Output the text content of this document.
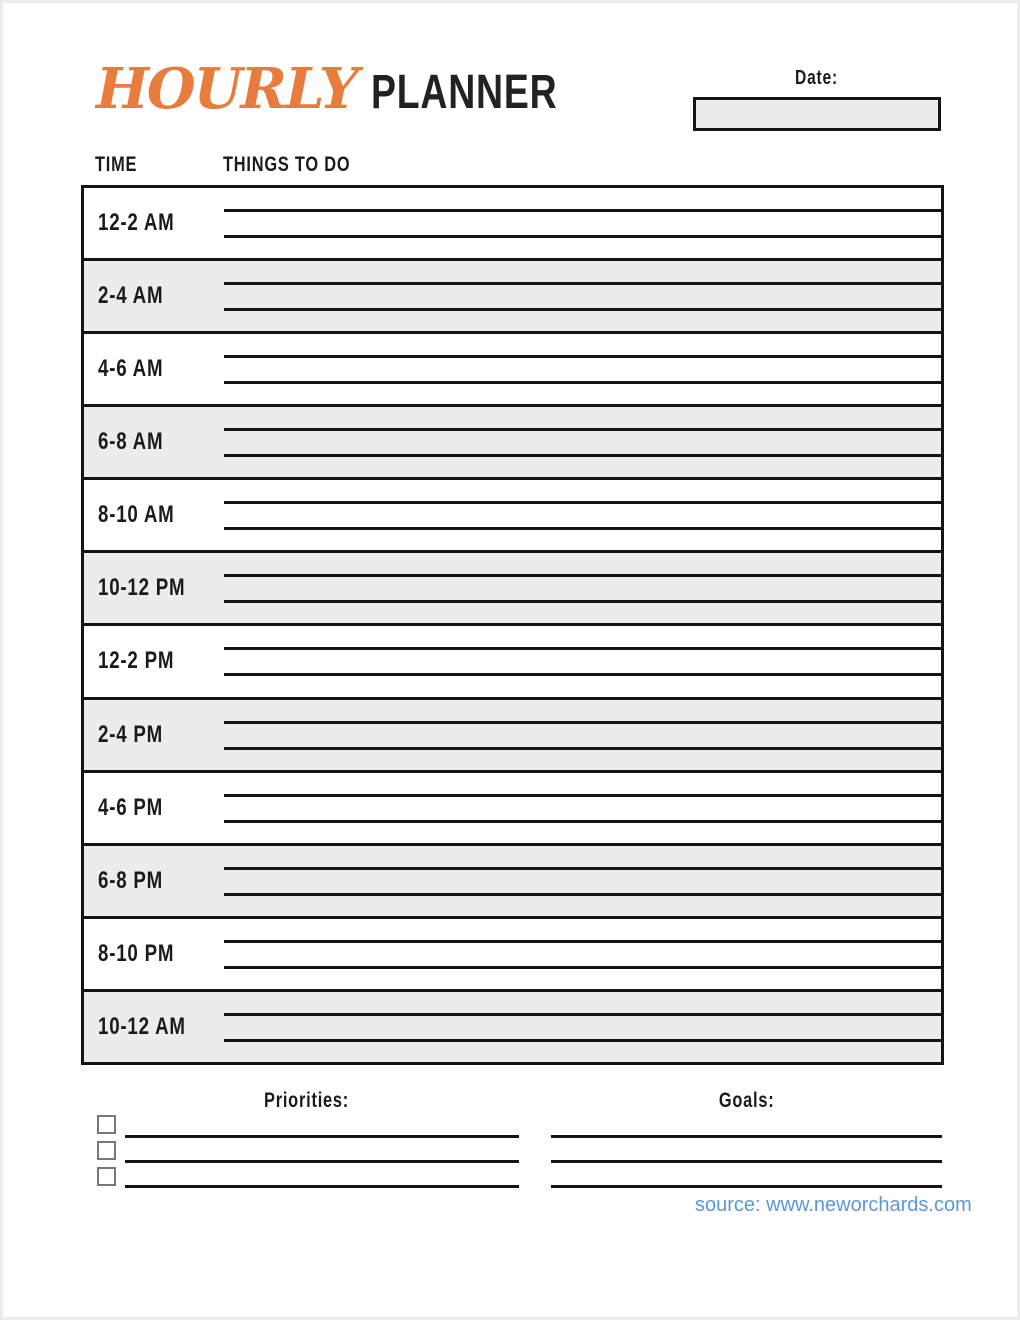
HOURLY PLANNER	Date:
TIME	THINGS TO DO
12-2 AM
2-4 AM
4-6 AM
6-8 AM
8-10 AM
10-12 PM
12-2 PM
2-4 PM
4-6 PM
6-8 PM
8-10 PM
10-12 AM
Priorities:	Goals:
source: www.neworchards.com
